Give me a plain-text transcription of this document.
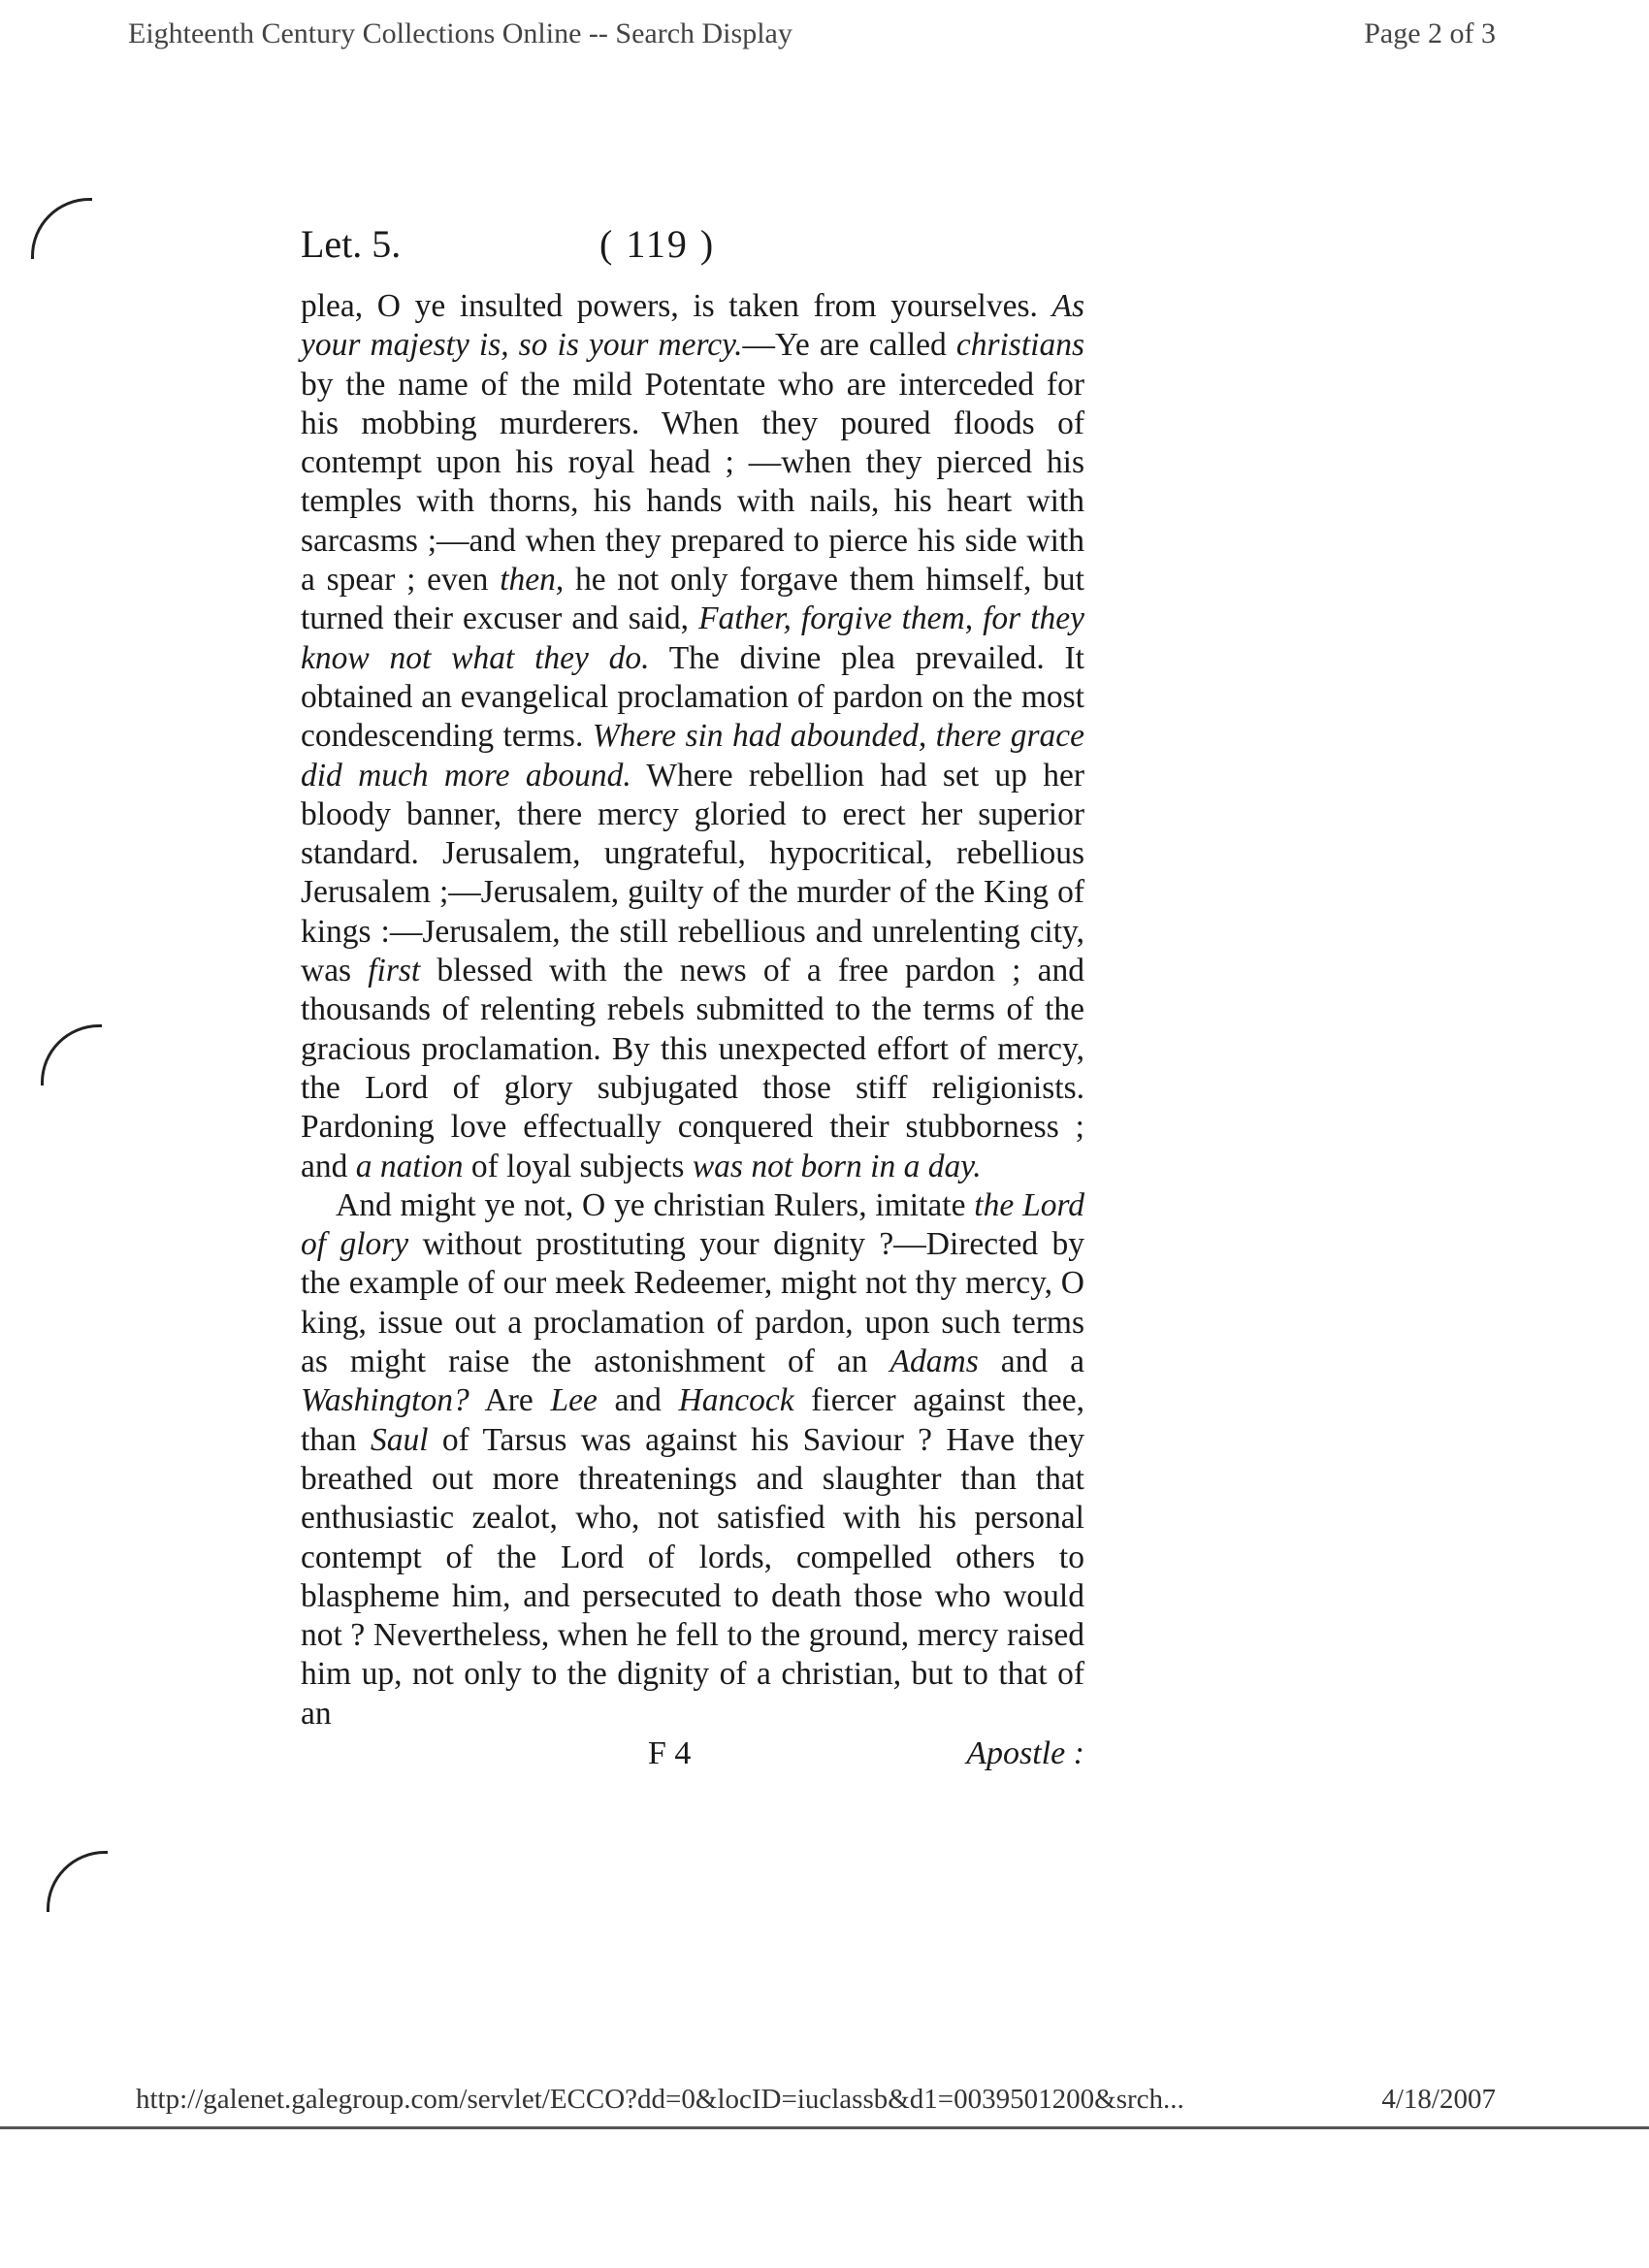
Eighteenth Century Collections Online -- Search Display	Page 2 of 3
Let. 5.	( 119 )

plea, O ye insulted powers, is taken from yourselves. As your majesty is, so is your mercy.—Ye are called christians by the name of the mild Potentate who are interceded for his mobbing murderers. When they poured floods of contempt upon his royal head ; —when they pierced his temples with thorns, his hands with nails, his heart with sarcasms ;—and when they prepared to pierce his side with a spear ; even then, he not only forgave them himself, but turned their excuser and said, Father, forgive them, for they know not what they do. The divine plea prevailed. It obtained an evangelical proclamation of pardon on the most condescending terms. Where sin had abounded, there grace did much more abound. Where rebellion had set up her bloody banner, there mercy gloried to erect her superior standard. Jerusalem, ungrateful, hypocritical, rebellious Jerusalem ;—Jerusalem, guilty of the murder of the King of kings :—Jerusalem, the still rebellious and unrelenting city, was first blessed with the news of a free pardon ; and thousands of relenting rebels submitted to the terms of the gracious proclamation. By this unexpected effort of mercy, the Lord of glory subjugated those stiff religionists. Pardoning love effectually conquered their stubborness ; and a nation of loyal subjects was not born in a day.

And might ye not, O ye christian Rulers, imitate the Lord of glory without prostituting your dignity ?—Directed by the example of our meek Redeemer, might not thy mercy, O king, issue out a proclamation of pardon, upon such terms as might raise the astonishment of an Adams and a Washington? Are Lee and Hancock fiercer against thee, than Saul of Tarsus was against his Saviour ? Have they breathed out more threatenings and slaughter than that enthusiastic zealot, who, not satisfied with his personal contempt of the Lord of lords, compelled others to blaspheme him, and persecuted to death those who would not ? Nevertheless, when he fell to the ground, mercy raised him up, not only to the dignity of a christian, but to that of an

F 4	Apostle :
http://galenet.galegroup.com/servlet/ECCO?dd=0&locID=iuclassb&d1=0039501200&srch...	4/18/2007
